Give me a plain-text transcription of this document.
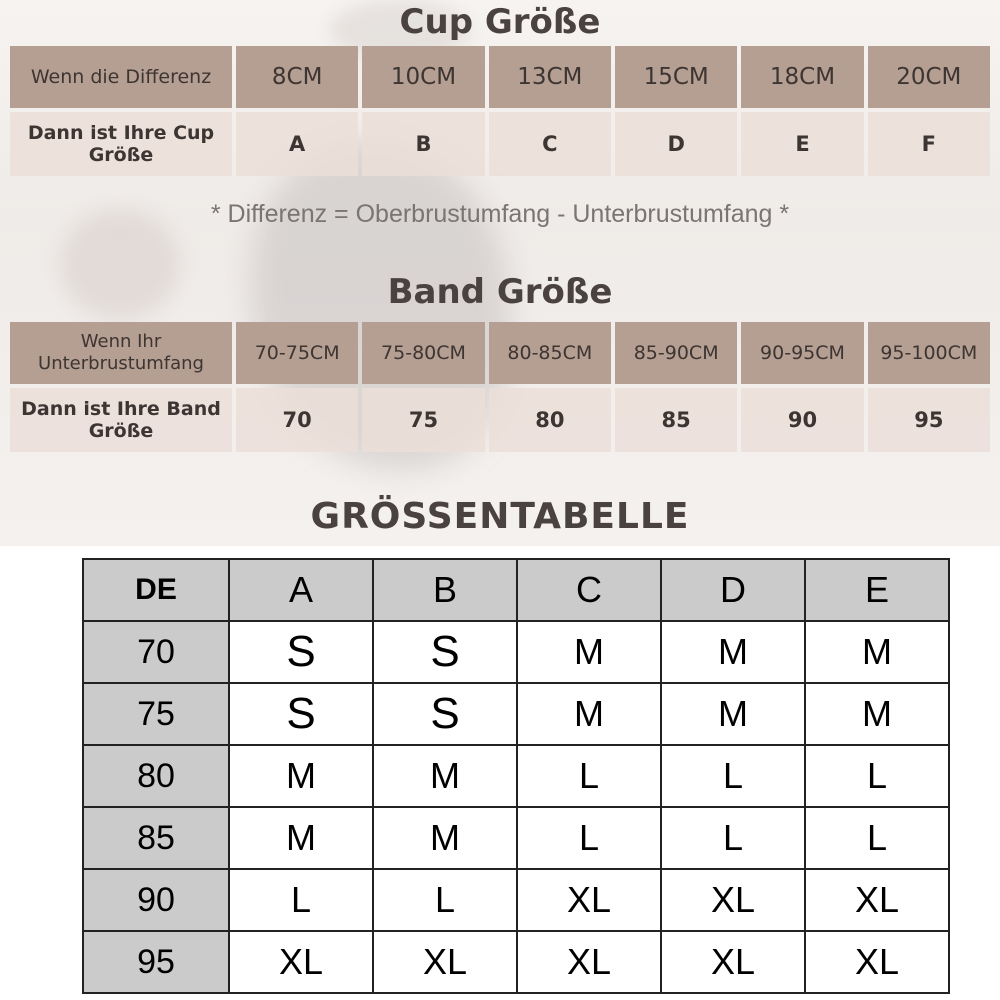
Cup Größe
Wenn die Differenz	8CM	10CM	13CM	15CM	18CM	20CM
Dann ist Ihre Cup Größe	A	B	C	D	E	F
* Differenz = Oberbrustumfang - Unterbrustumfang *
Band Größe
Wenn Ihr Unterbrustumfang	70-75CM	75-80CM	80-85CM	85-90CM	90-95CM	95-100CM
Dann ist Ihre Band Größe	70	75	80	85	90	95
GRÖSSENTABELLE
DE	A	B	C	D	E
70	S	S	M	M	M
75	S	S	M	M	M
80	M	M	L	L	L
85	M	M	L	L	L
90	L	L	XL	XL	XL
95	XL	XL	XL	XL	XL
